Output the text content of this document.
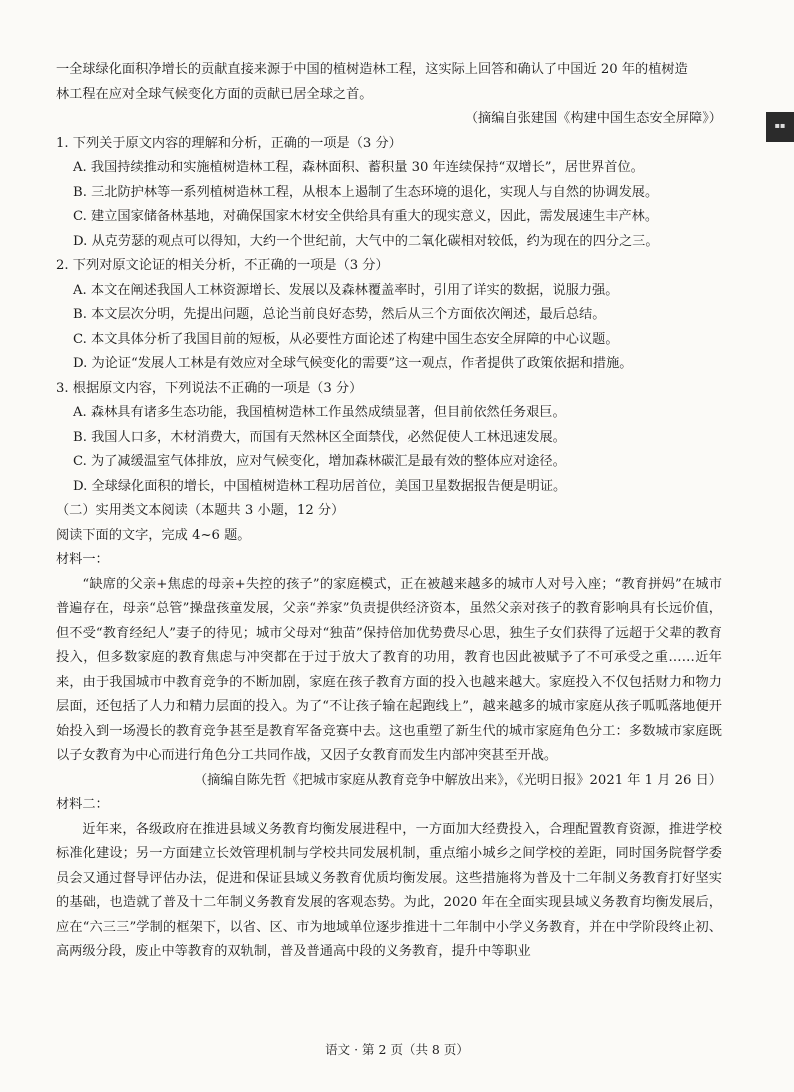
▪▪

一全球绿化面积净增长的贡献直接来源于中国的植树造林工程，这实际上回答和确认了中国近 20 年的植树造

林工程在应对全球气候变化方面的贡献已居全球之首。

（摘编自张建国《构建中国生态安全屏障》）

1. 下列关于原文内容的理解和分析，正确的一项是（3 分）

A. 我国持续推动和实施植树造林工程，森林面积、蓄积量 30 年连续保持“双增长”，居世界首位。

B. 三北防护林等一系列植树造林工程，从根本上遏制了生态环境的退化，实现人与自然的协调发展。

C. 建立国家储备林基地，对确保国家木材安全供给具有重大的现实意义，因此，需发展速生丰产林。

D. 从克劳瑟的观点可以得知，大约一个世纪前，大气中的二氧化碳相对较低，约为现在的四分之三。

2. 下列对原文论证的相关分析，不正确的一项是（3 分）

A. 本文在阐述我国人工林资源增长、发展以及森林覆盖率时，引用了详实的数据，说服力强。

B. 本文层次分明，先提出问题，总论当前良好态势，然后从三个方面依次阐述，最后总结。

C. 本文具体分析了我国目前的短板，从必要性方面论述了构建中国生态安全屏障的中心议题。

D. 为论证“发展人工林是有效应对全球气候变化的需要”这一观点，作者提供了政策依据和措施。

3. 根据原文内容，下列说法不正确的一项是（3 分）

A. 森林具有诸多生态功能，我国植树造林工作虽然成绩显著，但目前依然任务艰巨。

B. 我国人口多，木材消费大，而国有天然林区全面禁伐，必然促使人工林迅速发展。

C. 为了减缓温室气体排放，应对气候变化，增加森林碳汇是最有效的整体应对途径。

D. 全球绿化面积的增长，中国植树造林工程功居首位，美国卫星数据报告便是明证。

（二）实用类文本阅读（本题共 3 小题，12 分）

阅读下面的文字，完成 4~6 题。

材料一：

“缺席的父亲+焦虑的母亲+失控的孩子”的家庭模式，正在被越来越多的城市人对号入座；“教育拼妈”在城市普遍存在，母亲“总管”操盘孩童发展，父亲“养家”负责提供经济资本，虽然父亲对孩子的教育影响具有长远价值，但不受“教育经纪人”妻子的待见；城市父母对“独苗”保持倍加优势费尽心思，独生子女们获得了远超于父辈的教育投入，但多数家庭的教育焦虑与冲突都在于过于放大了教育的功用，教育也因此被赋予了不可承受之重……近年来，由于我国城市中教育竞争的不断加剧，家庭在孩子教育方面的投入也越来越大。家庭投入不仅包括财力和物力层面，还包括了人力和精力层面的投入。为了“不让孩子输在起跑线上”，越来越多的城市家庭从孩子呱呱落地便开始投入到一场漫长的教育竞争甚至是教育军备竞赛中去。这也重塑了新生代的城市家庭角色分工：多数城市家庭既以子女教育为中心而进行角色分工共同作战，又因子女教育而发生内部冲突甚至开战。

（摘编自陈先哲《把城市家庭从教育竞争中解放出来》，《光明日报》2021 年 1 月 26 日）

材料二：

近年来，各级政府在推进县域义务教育均衡发展进程中，一方面加大经费投入，合理配置教育资源，推进学校标准化建设；另一方面建立长效管理机制与学校共同发展机制，重点缩小城乡之间学校的差距，同时国务院督学委员会又通过督导评估办法，促进和保证县域义务教育优质均衡发展。这些措施将为普及十二年制义务教育打好坚实的基础，也造就了普及十二年制义务教育发展的客观态势。为此，2020 年在全面实现县域义务教育均衡发展后，应在“六三三”学制的框架下，以省、区、市为地域单位逐步推进十二年制中小学义务教育，并在中学阶段终止初、高两级分段，废止中等教育的双轨制，普及普通高中段的义务教育，提升中等职业

语文 · 第 2 页（共 8 页）
